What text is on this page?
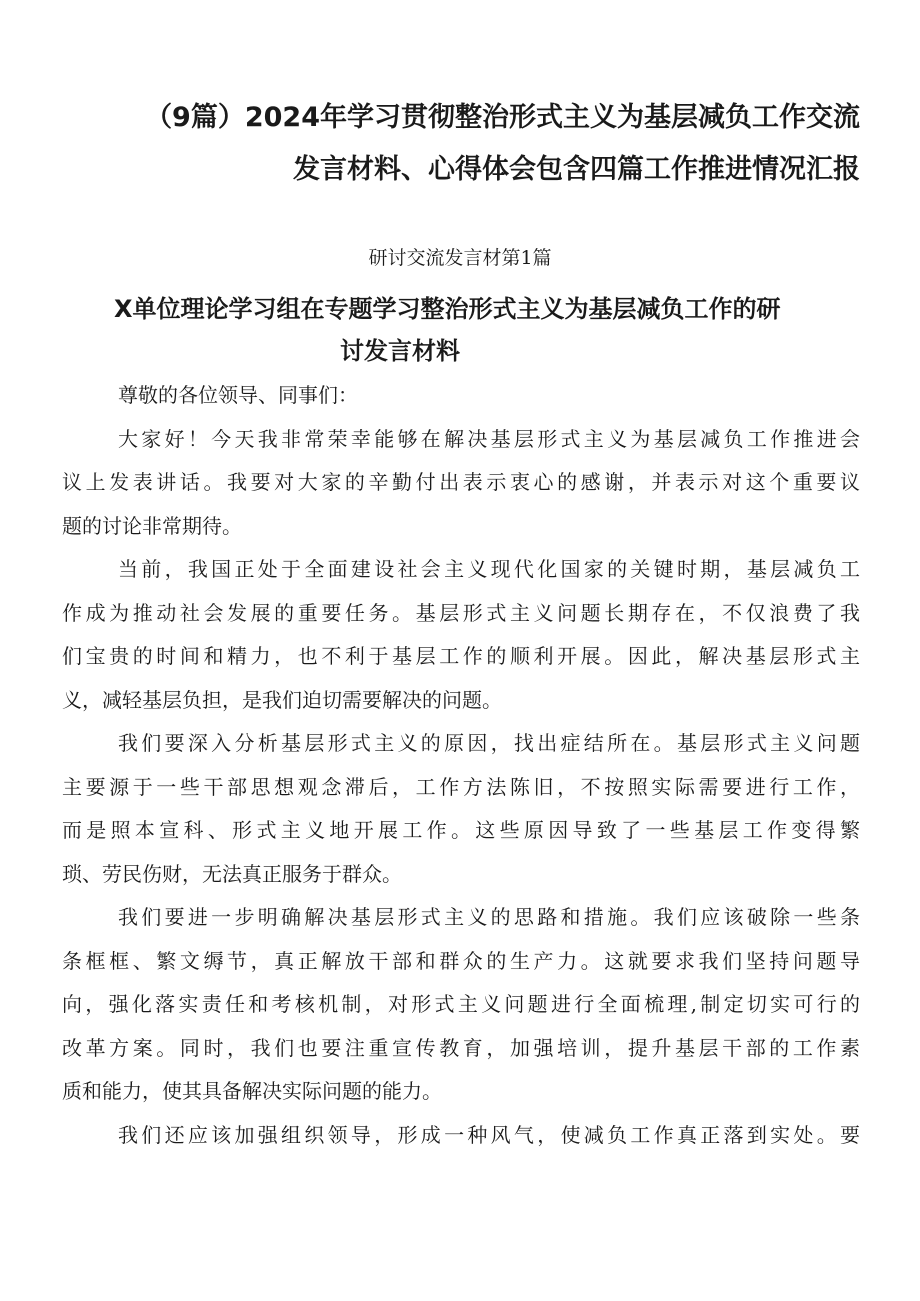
（9篇）2024年学习贯彻整治形式主义为基层减负工作交流
发言材料、心得体会包含四篇工作推进情况汇报
研讨交流发言材第1篇
X单位理论学习组在专题学习整治形式主义为基层减负工作的研
讨发言材料

尊敬的各位领导、同事们：

大家好！今天我非常荣幸能够在解决基层形式主义为基层减负工作推进会
议上发表讲话。我要对大家的辛勤付出表示衷心的感谢，并表示对这个重要议
题的讨论非常期待。

当前，我国正处于全面建设社会主义现代化国家的关键时期，基层减负工
作成为推动社会发展的重要任务。基层形式主义问题长期存在，不仅浪费了我
们宝贵的时间和精力，也不利于基层工作的顺利开展。因此，解决基层形式主
义，减轻基层负担，是我们迫切需要解决的问题。

我们要深入分析基层形式主义的原因，找出症结所在。基层形式主义问题
主要源于一些干部思想观念滞后，工作方法陈旧，不按照实际需要进行工作，
而是照本宣科、形式主义地开展工作。这些原因导致了一些基层工作变得繁
琐、劳民伤财，无法真正服务于群众。

我们要进一步明确解决基层形式主义的思路和措施。我们应该破除一些条
条框框、繁文缛节，真正解放干部和群众的生产力。这就要求我们坚持问题导
向，强化落实责任和考核机制，对形式主义问题进行全面梳理,制定切实可行的
改革方案。同时，我们也要注重宣传教育，加强培训，提升基层干部的工作素
质和能力，使其具备解决实际问题的能力。

我们还应该加强组织领导，形成一种风气，使减负工作真正落到实处。要
